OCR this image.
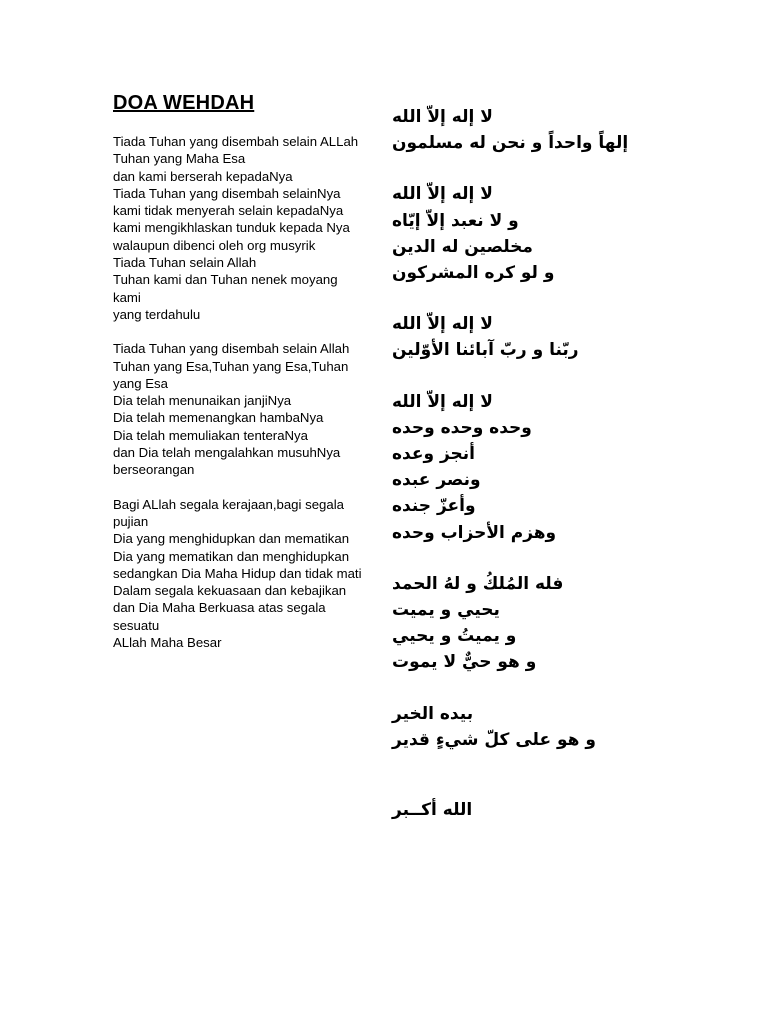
DOA WEHDAH
Tiada Tuhan yang disembah selain ALLah
Tuhan yang Maha Esa
dan kami berserah kepadaNya
Tiada Tuhan yang disembah selainNya
kami tidak menyerah selain kepadaNya
kami mengikhlaskan tunduk kepada Nya
walaupun dibenci oleh org musyrik
Tiada Tuhan selain Allah
Tuhan kami dan Tuhan nenek moyang kami
yang terdahulu
Tiada Tuhan yang disembah selain Allah
Tuhan yang Esa,Tuhan yang Esa,Tuhan yang Esa
Dia telah menunaikan janjiNya
Dia telah memenangkan hambaNya
Dia telah memuliakan tenteraNya
dan Dia telah mengalahkan musuhNya berseorangan
Bagi ALlah segala kerajaan,bagi segala pujian
Dia yang menghidupkan dan mematikan
Dia yang mematikan dan menghidupkan
sedangkan Dia Maha Hidup dan tidak mati
Dalam segala kekuasaan dan kebajikan
dan Dia Maha Berkuasa atas segala sesuatu
ALlah Maha Besar
لا إله إلاّ الله
إلهاً واحداً و نحن له مسلمون
لا إله إلاّ الله
و لا نعبد إلاّ إيّاه
مخلصين له الدين
و لو كره المشركون
لا إله إلاّ الله
ربّنا و ربّ آبائنا الأوّلين
لا إله إلاّ الله
وحده وحده وحده
أنجز وعده
ونصر عبده
وأعزّ جنده
وهزم الأحزاب وحده
فله المُلكُ و لهُ الحمد
يحيي و يميت
و يميتُ و يحيي
و هو حيٌّ لا يموت
بيده الخير
و هو على كلّ شيءٍ قدير
الله أكــبر
